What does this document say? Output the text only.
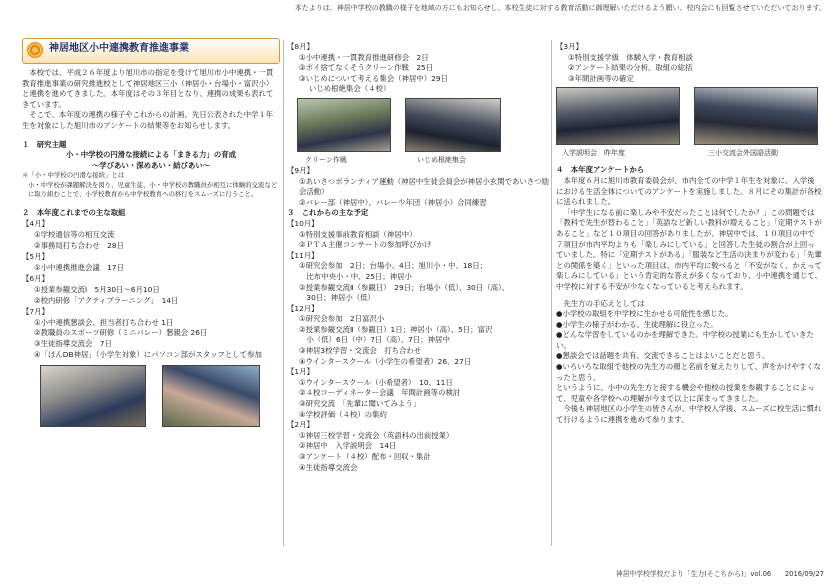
本たよりは、神居中学校の教職の様子を地域の方にもお知らせし、本校生徒に対する教育活動に御理解いただけるよう願い、校内会にも回覧させていただいております。
神居地区小中連携教育推進事業

本校では、平成２６年度より旭川市の指定を受けて旭川市小中連携・一貫教育推進事業の研究推進校として神居地区三小（神居小・台場小・富沢小）と連携を進めてきました。本年度はその３年目となり、連携の成果も表れてきています。

そこで、本年度の連携の様子やこれからの計画、先日公表された中学１年生を対象にした旭川市のアンケートの結果等をお知らせします。

１　研究主題

小・中学校の円滑な接続による「まきる力」の育成

～学びあい・深めあい・結びあい～

＊「小・中学校の円滑な接続」とは

小・中学校が課題解決を図り、児童生徒、小・中学校の教職員が相互に体験的交流などに取り組むことで、小学校教育から中学校教育への移行をスムーズに行うこと。

２　本年度これまでの主な取組

【4月】

①学校通信等の相互交流

②事務局打ち合わせ　28日

【5月】

①小中連携推進会議　17日

【6月】

①授業参観交流Ⅰ　5月30日～6月10日

②校内研修「アクティブラーニング」　14日

【7月】

①小中連携懇談会、担当者打ち合わせ 1日

②教職員のスポーツ研修（ミニバレー）懇親会 26日

③生徒指導交流会　7日

④「ほんDB神居」（小学生対象）にパソコン部がスタッフとして参加

【8月】

①小中連携・一貫教育推進研修会　2日

②ポイ捨てなくそうクリーン作戦　25日

③いじめについて考える集会（神居中）29日

いじめ根絶集会（４校）

クリーン作戦	いじめ根絶集会

【9月】

①あいさつボランティア運動（神居中生徒会員会が神居小玄関であいさつ励会活動）

②バレー部（神居中）、バレー少年団（神居小）合同練習

３　これからの主な予定

【10月】

①特別支援事前教育相談（神居中）

②ＰＴＡ主催コンサートの参加呼びかけ

【11月】

①研究会参加　2日；台場小、4日；旭川小・中、18日；

　比布中央小・中、25日；神居小

②授業参観交流Ⅱ（参観日）　29日；台場小（低）、30日（高）、

　30日；神居小（低）

【12月】

①研究会参加　2日富沢小

②授業参観交流Ⅱ（参観日）1日；神居小（高）、5日；富沢

　小（低）6日（中）7日（高）、7日；神居中

③神居3校学習・交流会　打ち合わせ

④ウインタースクール（小学生の希望者）26、27日

【1月】

①ウインタースクール（小希望者）　10、11日

②４校コーディネーター会議　年間計画等の検討

③研究交流　「先輩に聞いてみよう」

④学校評価（４校）の集約

【2月】

①神居三校学習・交流会（英語科の出前授業）

②神居中　入学説明会　14日

③アンケート（４校）配布・回収・集計

④生徒指導交流会

【3月】

①特別支援学級　体験入学・教育相談

②アンケート結果の分析、取組の総括

③年間計画等の確定

入学説明会　昨年度	三小交流会外国語活動

４　本年度アンケートから

本年度６月に旭川市教育委員会が、市内全ての中学１年生を対象に、入学後における生活全体についてのアンケートを実施しました。８月にその集計が各校に送られました。

「中学生になる前に楽しみや不安だったことは何でしたか？」この問題では「教科で先生が替わること」「英語など新しい教科が増えること」「定期テストがあること」など１０項目の回答がありましたが、神居中では、１０項目の中で７項目が市内平均よりも「楽しみにしている」と回答した生徒の割合が上回っていました。特に「定期テストがある」「服装など生活の決まりが変わる」「先輩との関係を築く」といった項目は、市内平均に較べると「不安がなく、かえって楽しみにしている」という肯定的な答えが多くなっており、小中連携を通じて、中学校に対する不安が少なくなっていると考えられます。

先生方の手応えとしては

●小学校の取組を中学校に生かせる可能性を感じた。

●小学生の様子がわかる。生徒理解に役立った。

●どんな学習をしているのかを理解できた。中学校の授業にも生かしていきたい。

●懇談会では話題を共有、交流できることはよいことだと思う。

●いろいろな取組で他校の先生方の顔と名前を覚えたりして、声をかけやすくなったと思う。

というように、小中の先生方と接する機会や他校の授業を参観することによって、児童や各学校への理解が今まで以上に深まってきました。

今後も神居地区の小学生の皆さんが、中学校入学後、スムーズに校生活に慣れて行けるように連携を進めて参ります。

神居中学校学校だより「生力(そこちから)」vol.06　　2016/09/27
